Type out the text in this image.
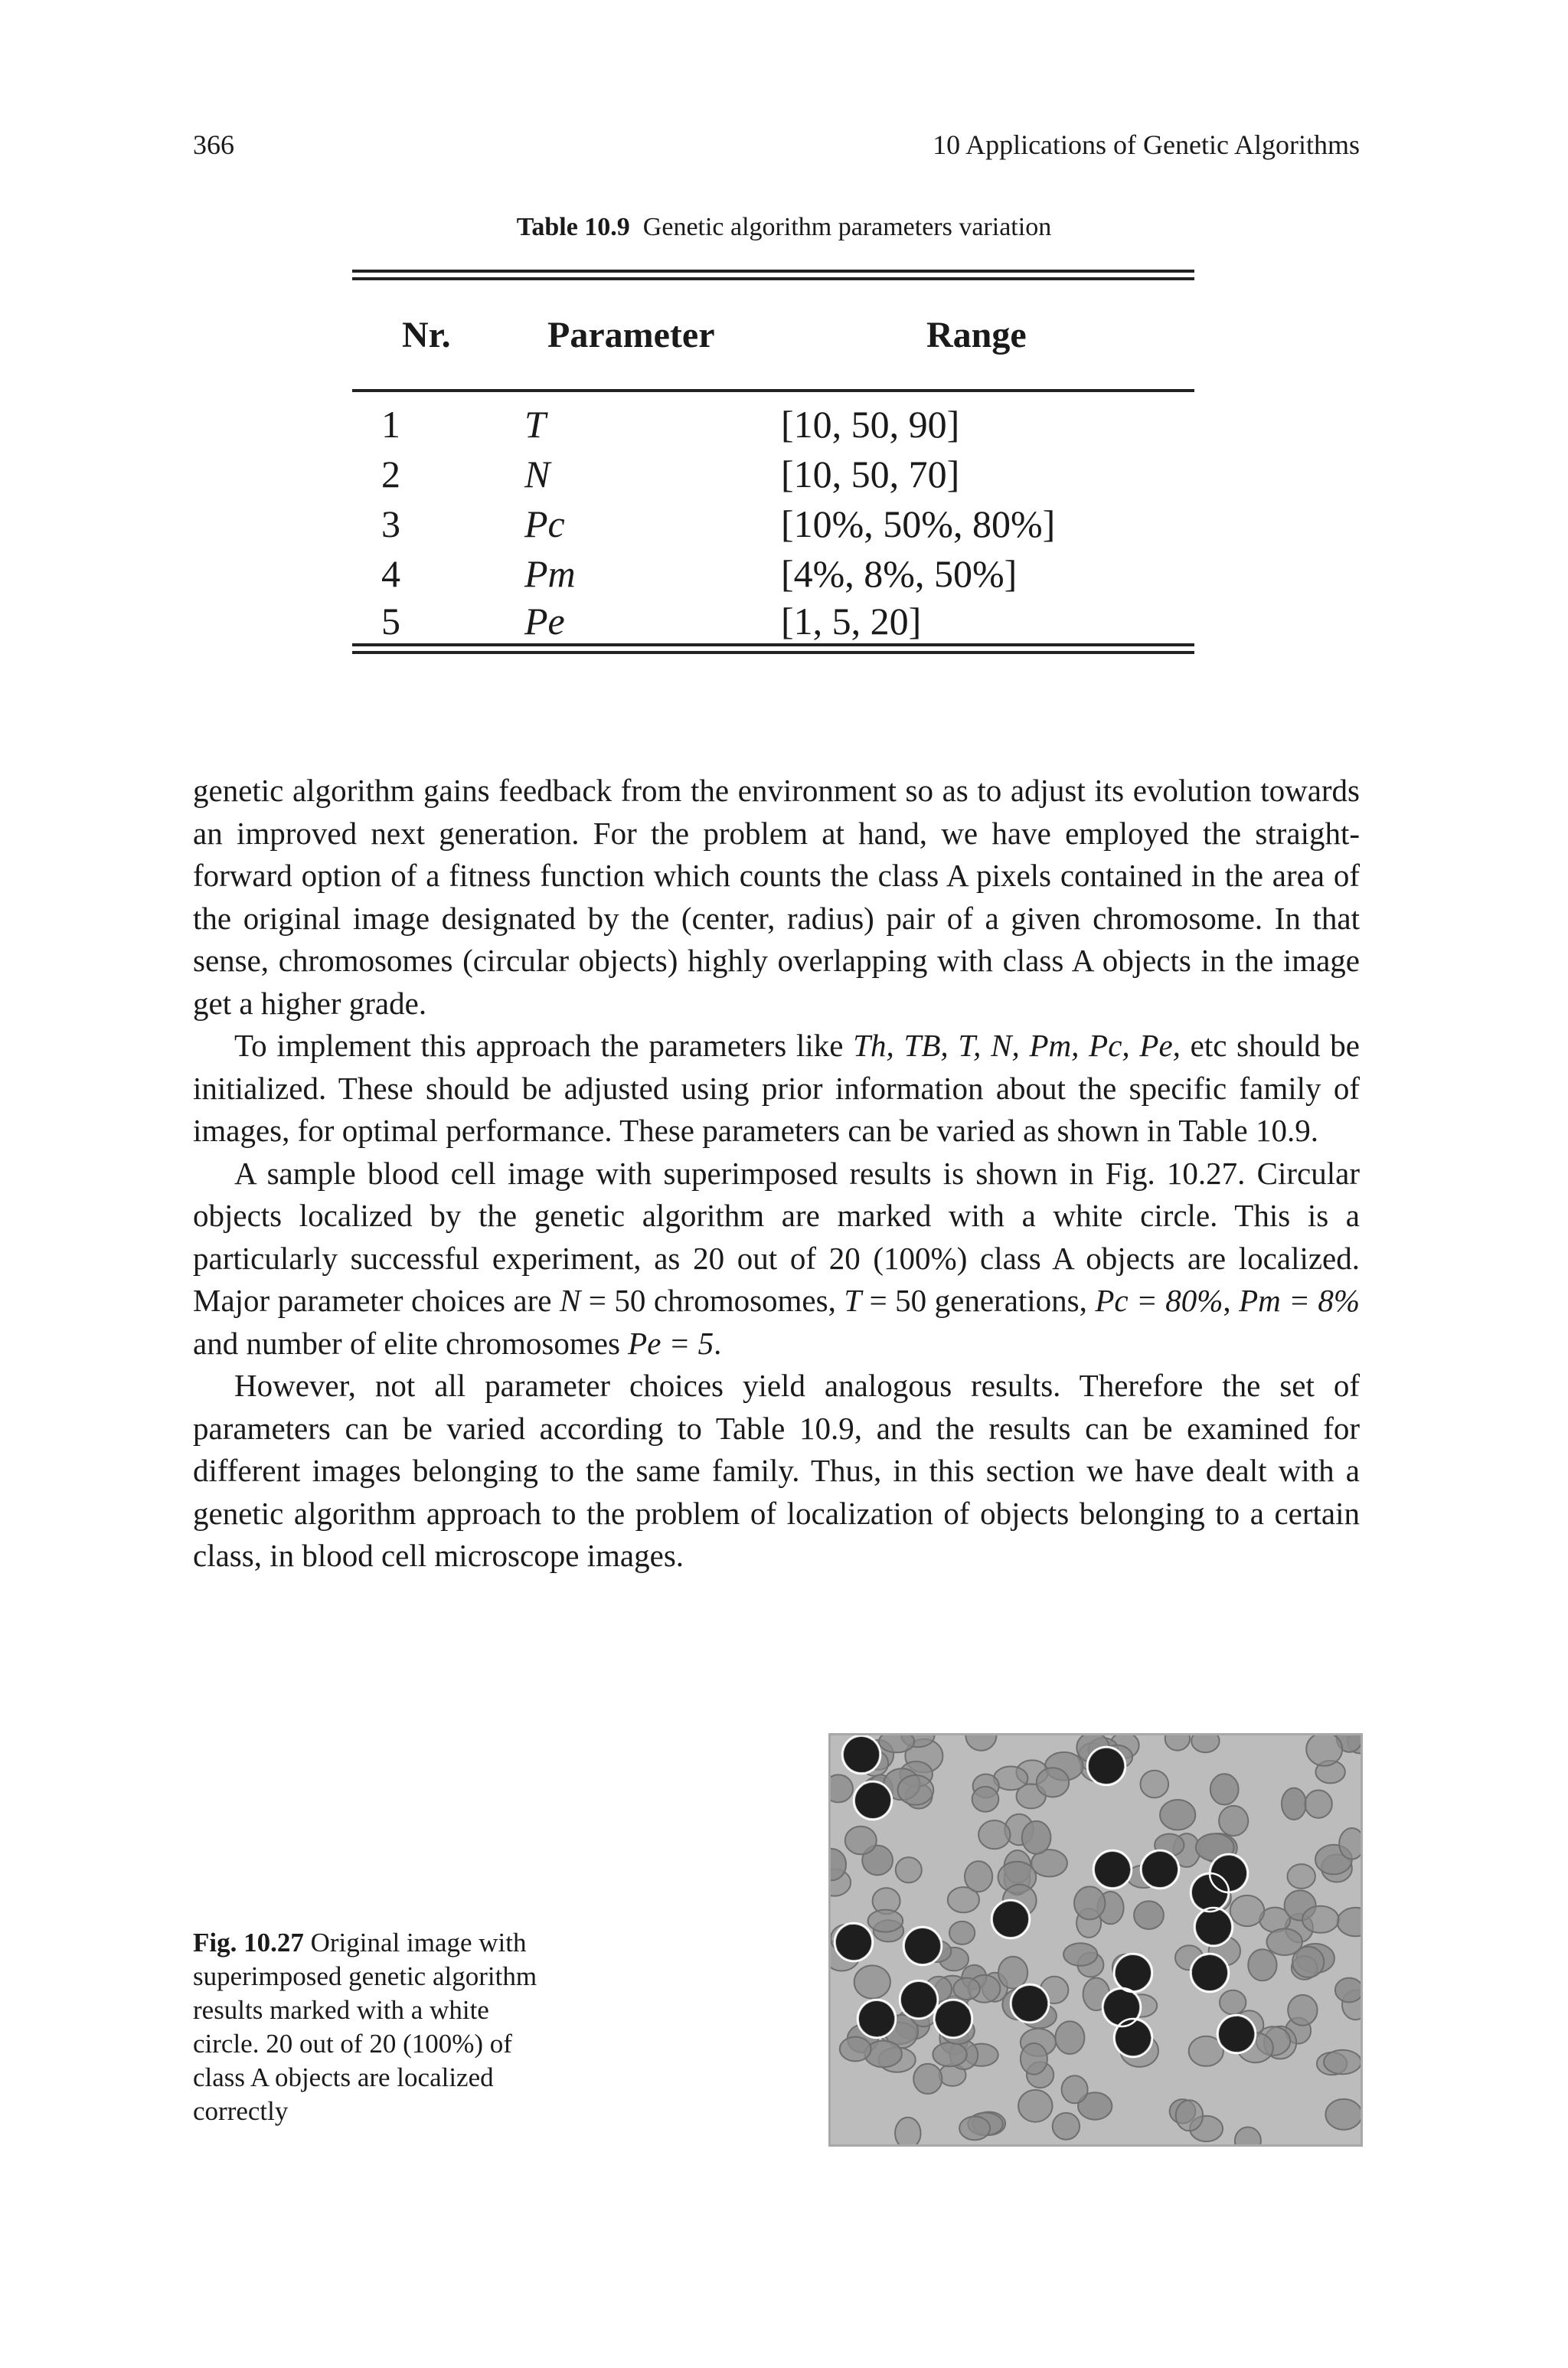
366	10 Applications of Genetic Algorithms
Table 10.9 Genetic algorithm parameters variation
Nr.	Parameter	Range
1	T	[10, 50, 90]
2	N	[10, 50, 70]
3	Pc	[10%, 50%, 80%]
4	Pm	[4%, 8%, 50%]
5	Pe	[1, 5, 20]

genetic algorithm gains feedback from the environment so as to adjust its evolution towards an improved next generation. For the problem at hand, we have employed the straight-forward option of a fitness function which counts the class A pixels contained in the area of the original image designated by the (center, radius) pair of a given chromosome. In that sense, chromosomes (circular objects) highly overlapping with class A objects in the image get a higher grade.

To implement this approach the parameters like Th, TB, T, N, Pm, Pc, Pe, etc should be initialized. These should be adjusted using prior information about the specific family of images, for optimal performance. These parameters can be varied as shown in Table 10.9.

A sample blood cell image with superimposed results is shown in Fig. 10.27. Circular objects localized by the genetic algorithm are marked with a white circle. This is a particularly successful experiment, as 20 out of 20 (100%) class A objects are localized. Major parameter choices are N = 50 chromosomes, T = 50 generations, Pc = 80%, Pm = 8% and number of elite chromosomes Pe = 5.

However, not all parameter choices yield analogous results. Therefore the set of parameters can be varied according to Table 10.9, and the results can be examined for different images belonging to the same family. Thus, in this section we have dealt with a genetic algorithm approach to the problem of localization of objects belonging to a certain class, in blood cell microscope images.

Fig. 10.27 Original image with superimposed genetic algorithm results marked with a white circle. 20 out of 20 (100%) of class A objects are localized correctly
